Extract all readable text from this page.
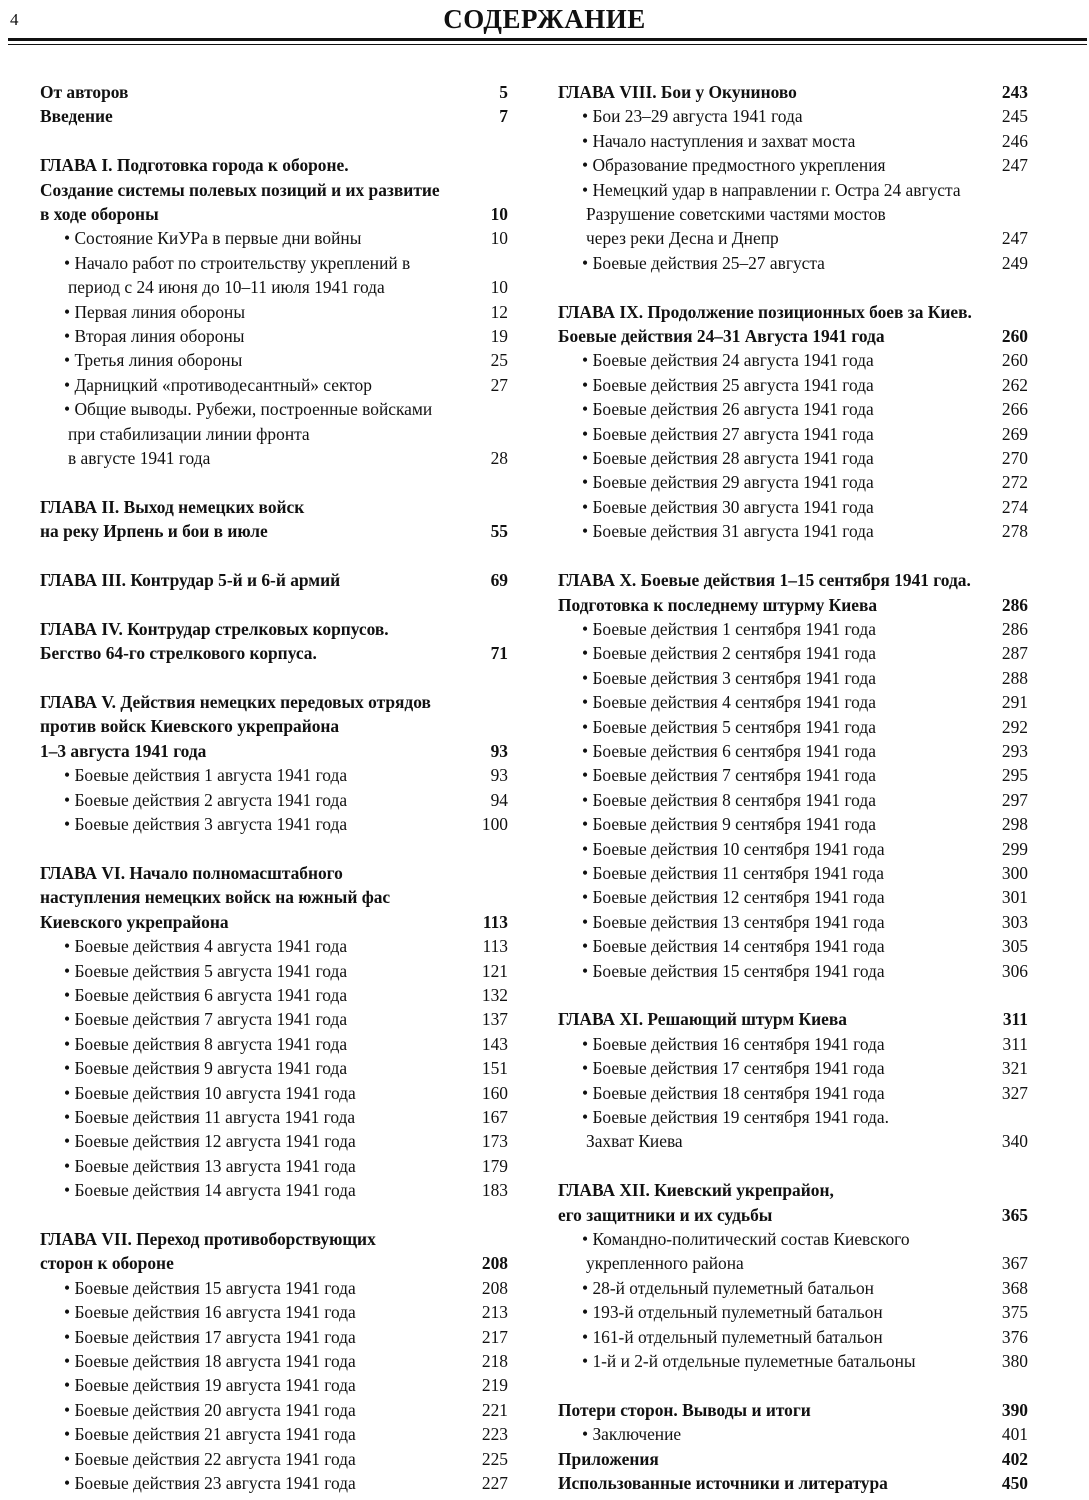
4	СОДЕРЖАНИЕ
От авторов	5
Введение	7
ГЛАВА I. Подготовка города к обороне.
Создание системы полевых позиций и их развитие
в ходе обороны	10
• Состояние КиУРа в первые дни войны	10
• Начало работ по строительству укреплений в
период с 24 июня до 10–11 июля 1941 года	10
• Первая линия обороны	12
• Вторая линия обороны	19
• Третья линия обороны	25
• Дарницкий «противодесантный» сектор	27
• Общие выводы. Рубежи, построенные войсками
при стабилизации линии фронта
в августе 1941 года	28
ГЛАВА II. Выход немецких войск
на реку Ирпень и бои в июле	55
ГЛАВА III. Контрудар 5-й и 6-й армий	69
ГЛАВА IV. Контрудар стрелковых корпусов.
Бегство 64-го стрелкового корпуса.	71
ГЛАВА V. Действия немецких передовых отрядов
против войск Киевского укрепрайона
1–3 августа 1941 года	93
• Боевые действия 1 августа 1941 года	93
• Боевые действия 2 августа 1941 года	94
• Боевые действия 3 августа 1941 года	100
ГЛАВА VI. Начало полномасштабного
наступления немецких войск на южный фас
Киевского укрепрайона	113
• Боевые действия 4 августа 1941 года	113
• Боевые действия 5 августа 1941 года	121
• Боевые действия 6 августа 1941 года	132
• Боевые действия 7 августа 1941 года	137
• Боевые действия 8 августа 1941 года	143
• Боевые действия 9 августа 1941 года	151
• Боевые действия 10 августа 1941 года	160
• Боевые действия 11 августа 1941 года	167
• Боевые действия 12 августа 1941 года	173
• Боевые действия 13 августа 1941 года	179
• Боевые действия 14 августа 1941 года	183
ГЛАВА VII. Переход противоборствующих
сторон к обороне	208
• Боевые действия 15 августа 1941 года	208
• Боевые действия 16 августа 1941 года	213
• Боевые действия 17 августа 1941 года	217
• Боевые действия 18 августа 1941 года	218
• Боевые действия 19 августа 1941 года	219
• Боевые действия 20 августа 1941 года	221
• Боевые действия 21 августа 1941 года	223
• Боевые действия 22 августа 1941 года	225
• Боевые действия 23 августа 1941 года	227
ГЛАВА VIII. Бои у Окуниново	243
• Бои 23–29 августа 1941 года	245
• Начало наступления и захват моста	246
• Образование предмостного укрепления	247
• Немецкий удар в направлении г. Остра 24 августа
Разрушение советскими частями мостов
через реки Десна и Днепр	247
• Боевые действия 25–27 августа	249
ГЛАВА IX. Продолжение позиционных боев за Киев.
Боевые действия 24–31 Августа 1941 года	260
• Боевые действия 24 августа 1941 года	260
• Боевые действия 25 августа 1941 года	262
• Боевые действия 26 августа 1941 года	266
• Боевые действия 27 августа 1941 года	269
• Боевые действия 28 августа 1941 года	270
• Боевые действия 29 августа 1941 года	272
• Боевые действия 30 августа 1941 года	274
• Боевые действия 31 августа 1941 года	278
ГЛАВА X. Боевые действия 1–15 сентября 1941 года.
Подготовка к последнему штурму Киева	286
• Боевые действия 1 сентября 1941 года	286
• Боевые действия 2 сентября 1941 года	287
• Боевые действия 3 сентября 1941 года	288
• Боевые действия 4 сентября 1941 года	291
• Боевые действия 5 сентября 1941 года	292
• Боевые действия 6 сентября 1941 года	293
• Боевые действия 7 сентября 1941 года	295
• Боевые действия 8 сентября 1941 года	297
• Боевые действия 9 сентября 1941 года	298
• Боевые действия 10 сентября 1941 года	299
• Боевые действия 11 сентября 1941 года	300
• Боевые действия 12 сентября 1941 года	301
• Боевые действия 13 сентября 1941 года	303
• Боевые действия 14 сентября 1941 года	305
• Боевые действия 15 сентября 1941 года	306
ГЛАВА XI. Решающий штурм Киева	311
• Боевые действия 16 сентября 1941 года	311
• Боевые действия 17 сентября 1941 года	321
• Боевые действия 18 сентября 1941 года	327
• Боевые действия 19 сентября 1941 года.
Захват Киева	340
ГЛАВА XII. Киевский укрепрайон,
его защитники и их судьбы	365
• Командно-политический состав Киевского
укрепленного района	367
• 28-й отдельный пулеметный батальон	368
• 193-й отдельный пулеметный батальон	375
• 161-й отдельный пулеметный батальон	376
• 1-й и 2-й отдельные пулеметные батальоны	380
Потери сторон. Выводы и итоги	390
• Заключение	401
Приложения	402
Использованные источники и литература	450
